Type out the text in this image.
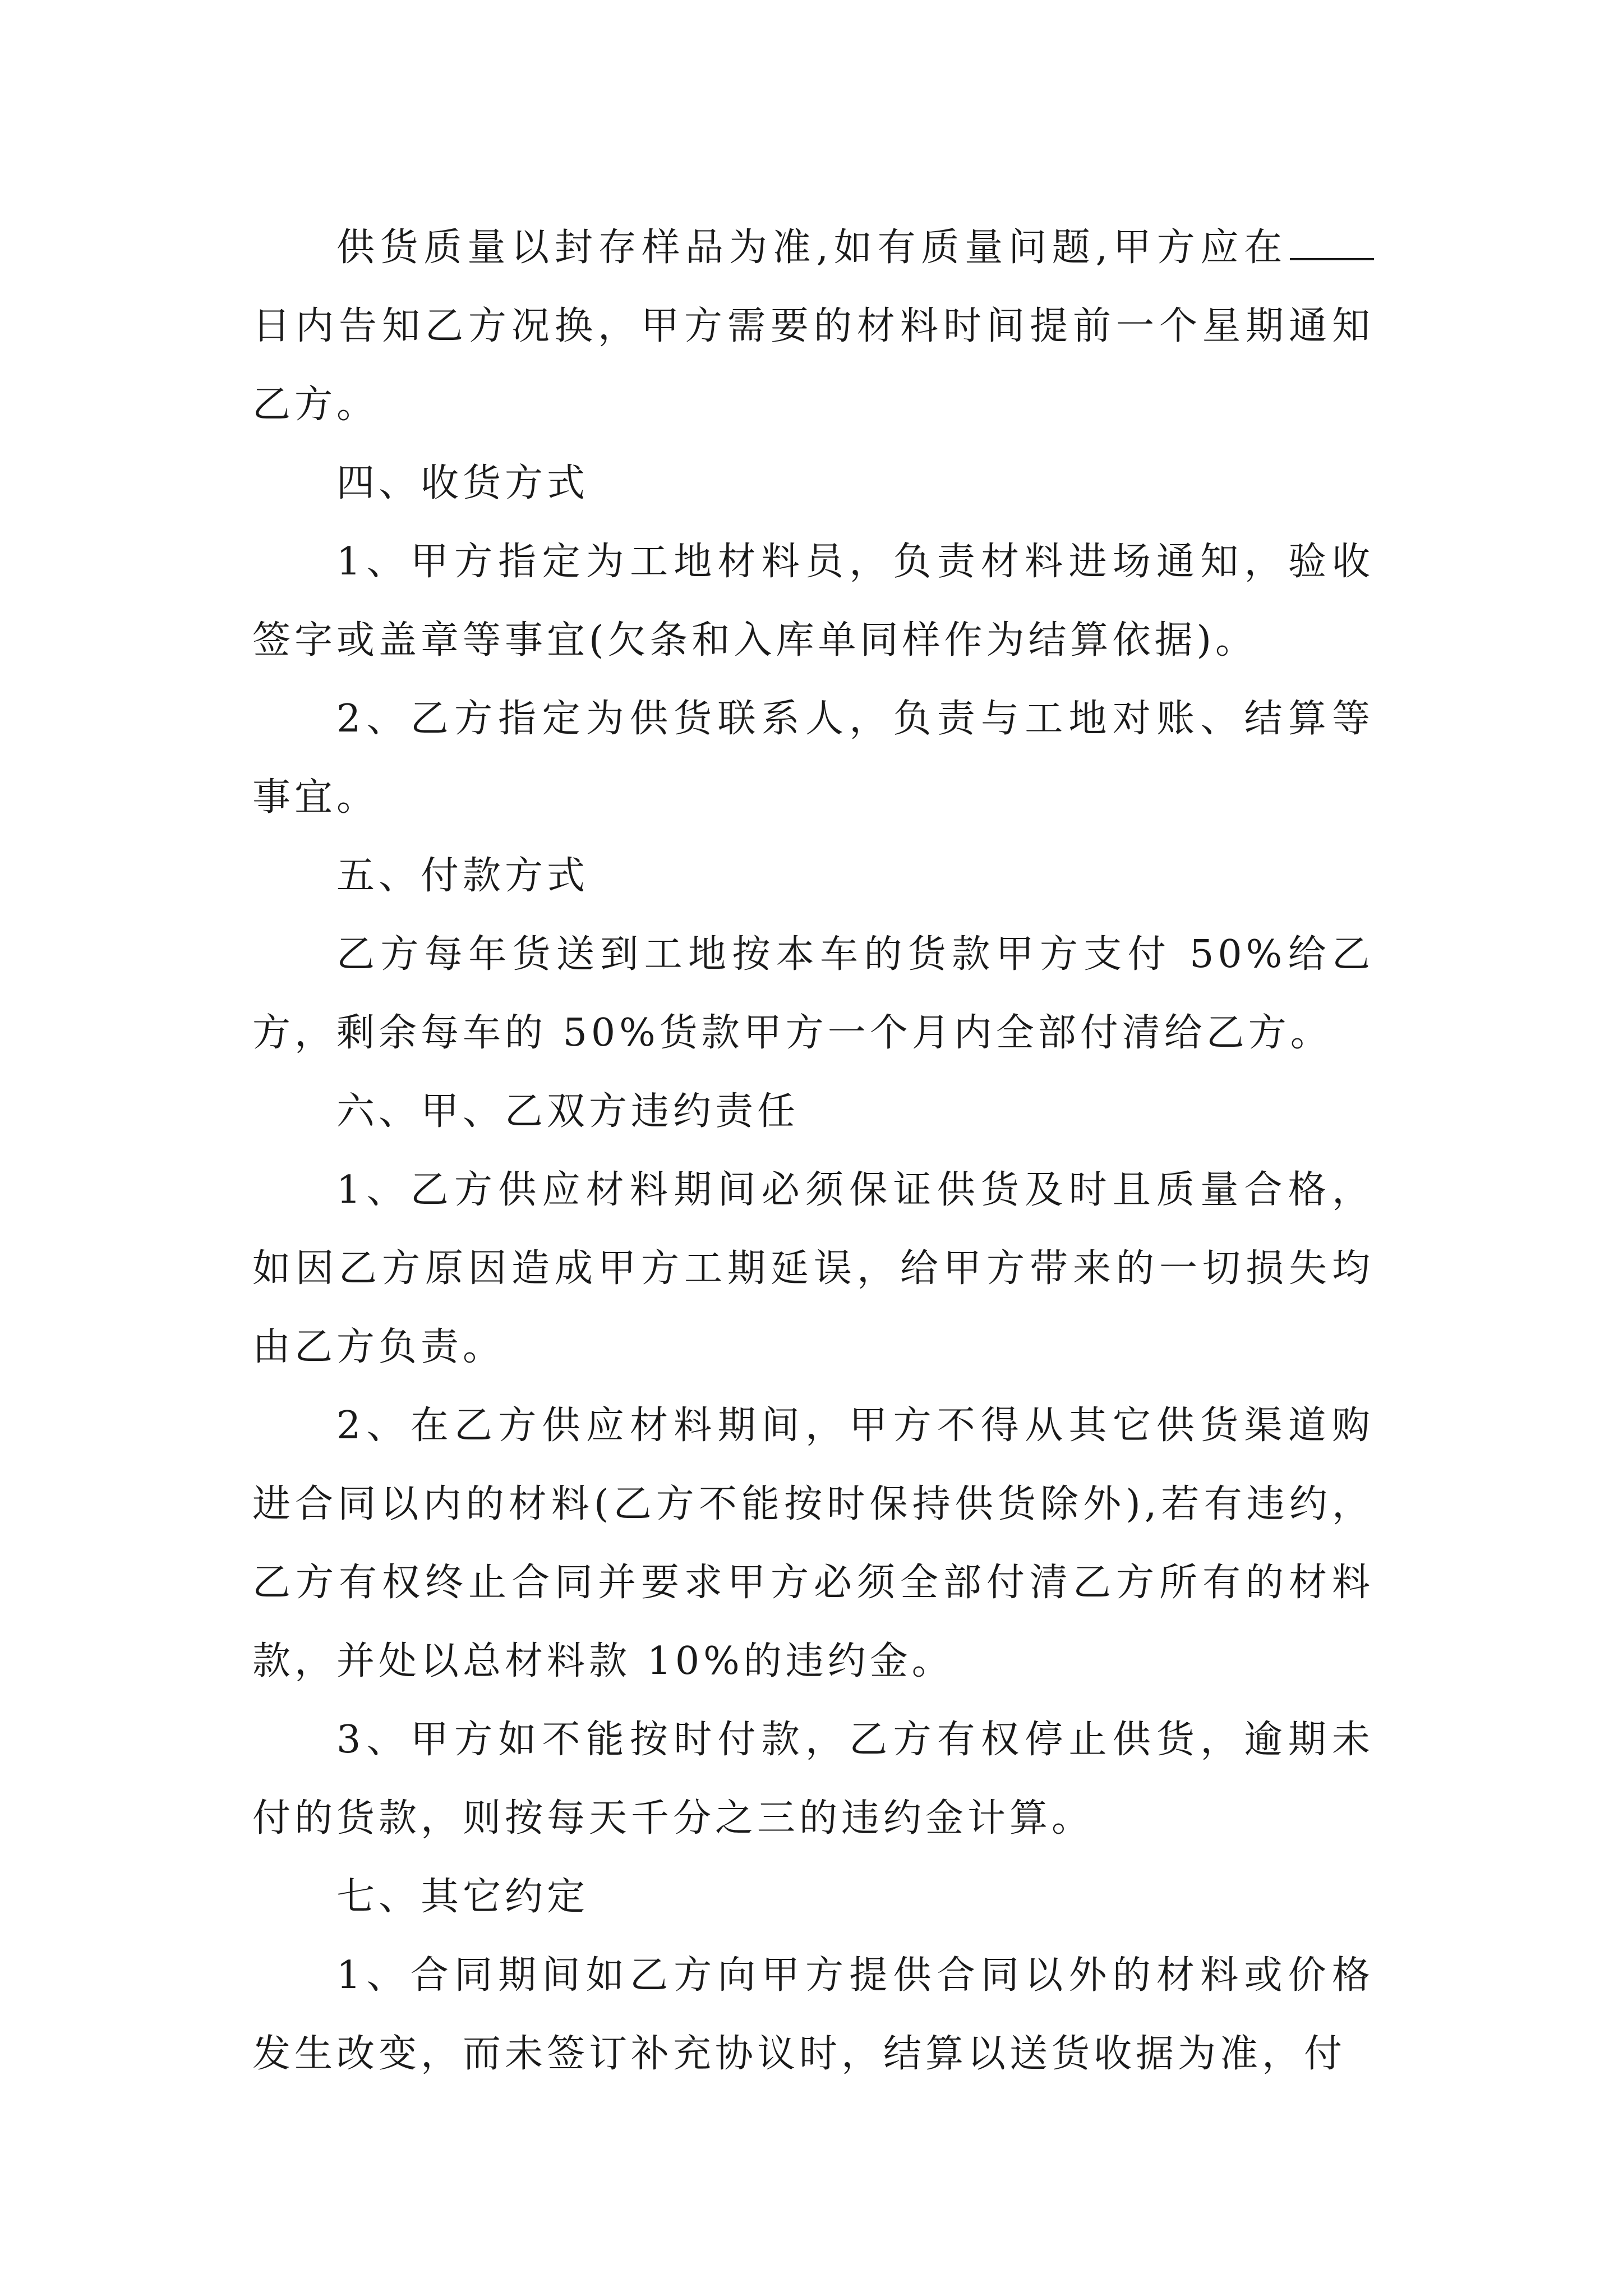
供货质量以封存样品为准,如有质量问题,甲方应在日内告知乙方况换，甲方需要的材料时间提前一个星期通知乙方。

四、收货方式

1、甲方指定为工地材料员，负责材料进场通知，验收签字或盖章等事宜(欠条和入库单同样作为结算依据)。

2、乙方指定为供货联系人，负责与工地对账、结算等事宜。

五、付款方式

乙方每年货送到工地按本车的货款甲方支付 50%给乙方，剩余每车的 50%货款甲方一个月内全部付清给乙方。

六、甲、乙双方违约责任

1、乙方供应材料期间必须保证供货及时且质量合格，如因乙方原因造成甲方工期延误，给甲方带来的一切损失均由乙方负责。

2、在乙方供应材料期间，甲方不得从其它供货渠道购进合同以内的材料(乙方不能按时保持供货除外),若有违约，乙方有权终止合同并要求甲方必须全部付清乙方所有的材料款，并处以总材料款 10%的违约金。

3、甲方如不能按时付款，乙方有权停止供货，逾期未付的货款，则按每天千分之三的违约金计算。

七、其它约定

1、合同期间如乙方向甲方提供合同以外的材料或价格发生改变，而未签订补充协议时，结算以送货收据为准，付
